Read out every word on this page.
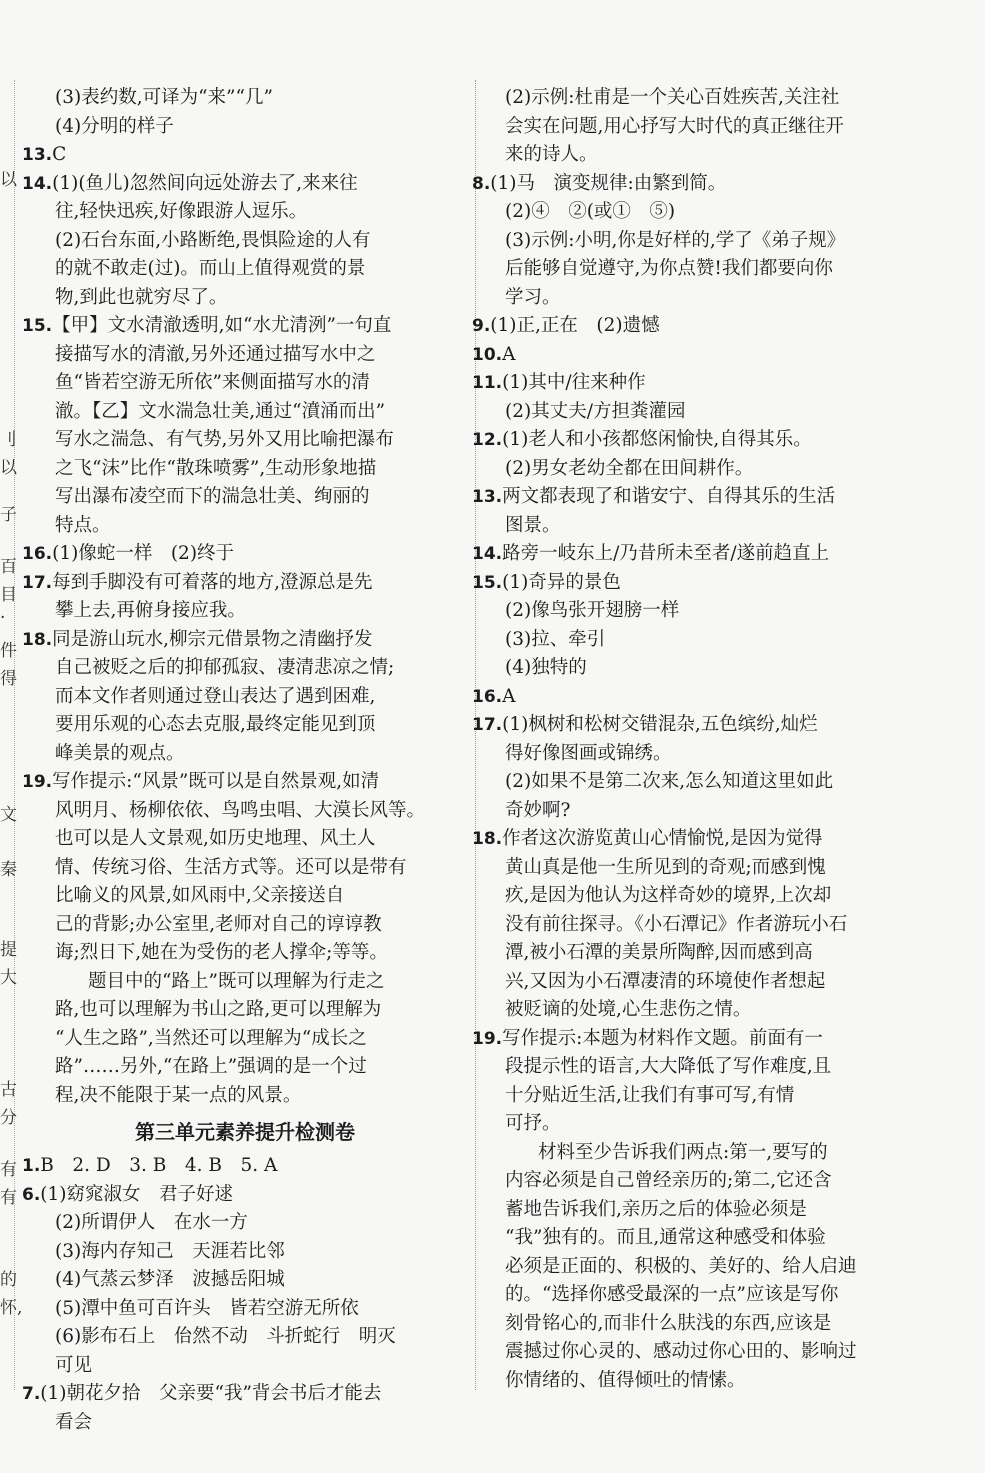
以
刂
以
子
百
目
·
件
得
文
秦
提
大
古
分
有
有
的
怀,
(3)表约数,可译为“来”“几”
(4)分明的样子
13.C
14.(1)(鱼儿)忽然间向远处游去了,来来往
往,轻快迅疾,好像跟游人逗乐。
(2)石台东面,小路断绝,畏惧险途的人有
的就不敢走(过)。而山上值得观赏的景
物,到此也就穷尽了。
15.【甲】文水清澈透明,如“水尤清洌”一句直
接描写水的清澈,另外还通过描写水中之
鱼“皆若空游无所依”来侧面描写水的清
澈。【乙】文水湍急壮美,通过“濆涌而出”
写水之湍急、有气势,另外又用比喻把瀑布
之飞“沫”比作“散珠喷雾”,生动形象地描
写出瀑布凌空而下的湍急壮美、绚丽的
特点。
16.(1)像蛇一样　(2)终于
17.每到手脚没有可着落的地方,澄源总是先
攀上去,再俯身接应我。
18.同是游山玩水,柳宗元借景物之清幽抒发
自己被贬之后的抑郁孤寂、凄清悲凉之情;
而本文作者则通过登山表达了遇到困难,
要用乐观的心态去克服,最终定能见到顶
峰美景的观点。
19.写作提示:“风景”既可以是自然景观,如清
风明月、杨柳依依、鸟鸣虫唱、大漠长风等。
也可以是人文景观,如历史地理、风土人
情、传统习俗、生活方式等。还可以是带有
比喻义的风景,如风雨中,父亲接送自
己的背影;办公室里,老师对自己的谆谆教
诲;烈日下,她在为受伤的老人撑伞;等等。
题目中的“路上”既可以理解为行走之
路,也可以理解为书山之路,更可以理解为
“人生之路”,当然还可以理解为“成长之
路”……另外,“在路上”强调的是一个过
程,决不能限于某一点的风景。
第三单元素养提升检测卷
1.B　2. D　3. B　4. B　5. A
6.(1)窈窕淑女　君子好逑
(2)所谓伊人　在水一方
(3)海内存知己　天涯若比邻
(4)气蒸云梦泽　波撼岳阳城
(5)潭中鱼可百许头　皆若空游无所依
(6)影布石上　佁然不动　斗折蛇行　明灭
可见
7.(1)朝花夕拾　父亲要“我”背会书后才能去
看会
(2)示例:杜甫是一个关心百姓疾苦,关注社
会实在问题,用心抒写大时代的真正继往开
来的诗人。
8.(1)马　演变规律:由繁到简。
(2)④　②(或①　⑤)
(3)示例:小明,你是好样的,学了《弟子规》
后能够自觉遵守,为你点赞!我们都要向你
学习。
9.(1)正,正在　(2)遗憾
10.A
11.(1)其中/往来种作
(2)其丈夫/方担粪灌园
12.(1)老人和小孩都悠闲愉快,自得其乐。
(2)男女老幼全都在田间耕作。
13.两文都表现了和谐安宁、自得其乐的生活
图景。
14.路旁一岐东上/乃昔所未至者/遂前趋直上
15.(1)奇异的景色
(2)像鸟张开翅膀一样
(3)拉、牵引
(4)独特的
16.A
17.(1)枫树和松树交错混杂,五色缤纷,灿烂
得好像图画或锦绣。
(2)如果不是第二次来,怎么知道这里如此
奇妙啊?
18.作者这次游览黄山心情愉悦,是因为觉得
黄山真是他一生所见到的奇观;而感到愧
疚,是因为他认为这样奇妙的境界,上次却
没有前往探寻。《小石潭记》作者游玩小石
潭,被小石潭的美景所陶醉,因而感到高
兴,又因为小石潭凄清的环境使作者想起
被贬谪的处境,心生悲伤之情。
19.写作提示:本题为材料作文题。前面有一
段提示性的语言,大大降低了写作难度,且
十分贴近生活,让我们有事可写,有情
可抒。
材料至少告诉我们两点:第一,要写的
内容必须是自己曾经亲历的;第二,它还含
蓄地告诉我们,亲历之后的体验必须是
“我”独有的。而且,通常这种感受和体验
必须是正面的、积极的、美好的、给人启迪
的。“选择你感受最深的一点”应该是写你
刻骨铭心的,而非什么肤浅的东西,应该是
震撼过你心灵的、感动过你心田的、影响过
你情绪的、值得倾吐的情愫。
